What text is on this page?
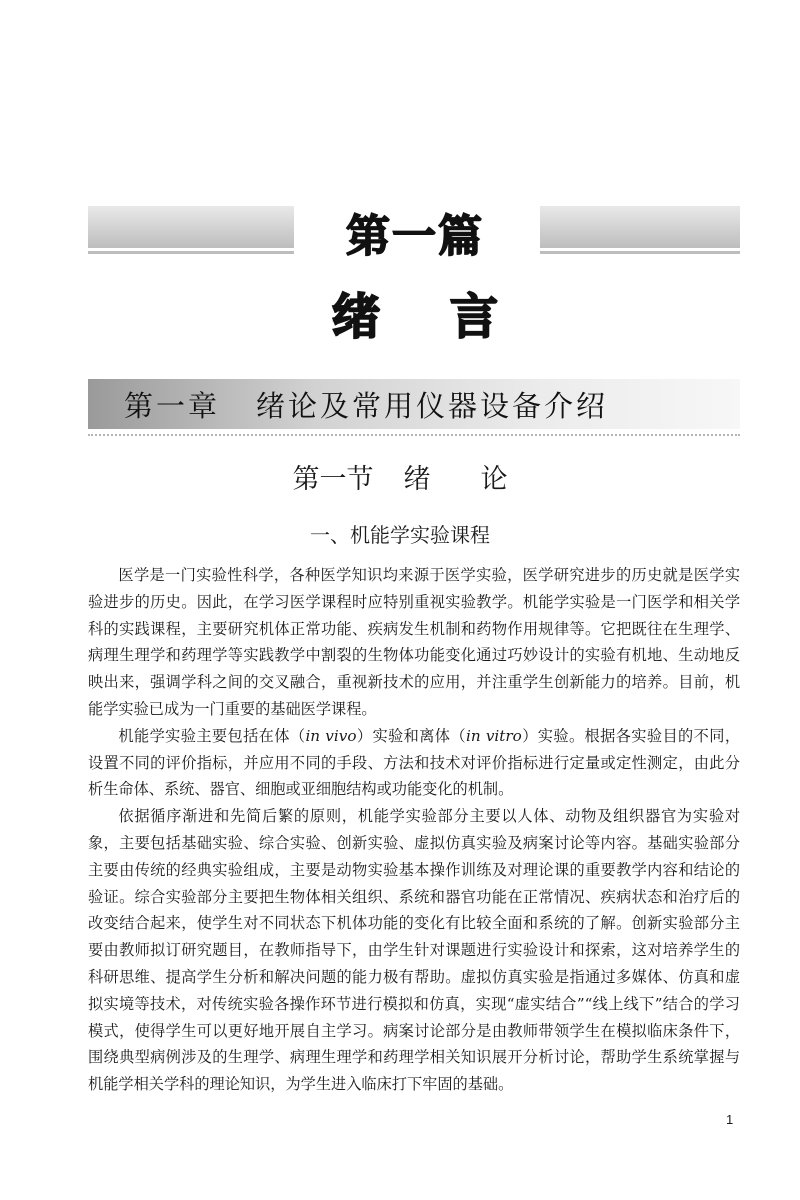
第一篇
绪 言
第一章 绪论及常用仪器设备介绍
第一节 绪 论
一、机能学实验课程

医学是一门实验性科学，各种医学知识均来源于医学实验，医学研究进步的历史就是医学实验进步的历史。因此，在学习医学课程时应特别重视实验教学。机能学实验是一门医学和相关学科的实践课程，主要研究机体正常功能、疾病发生机制和药物作用规律等。它把既往在生理学、病理生理学和药理学等实践教学中割裂的生物体功能变化通过巧妙设计的实验有机地、生动地反映出来，强调学科之间的交叉融合，重视新技术的应用，并注重学生创新能力的培养。目前，机能学实验已成为一门重要的基础医学课程。

机能学实验主要包括在体（in vivo）实验和离体（in vitro）实验。根据各实验目的不同，设置不同的评价指标，并应用不同的手段、方法和技术对评价指标进行定量或定性测定，由此分析生命体、系统、器官、细胞或亚细胞结构或功能变化的机制。

依据循序渐进和先简后繁的原则，机能学实验部分主要以人体、动物及组织器官为实验对象，主要包括基础实验、综合实验、创新实验、虚拟仿真实验及病案讨论等内容。基础实验部分主要由传统的经典实验组成，主要是动物实验基本操作训练及对理论课的重要教学内容和结论的验证。综合实验部分主要把生物体相关组织、系统和器官功能在正常情况、疾病状态和治疗后的改变结合起来，使学生对不同状态下机体功能的变化有比较全面和系统的了解。创新实验部分主要由教师拟订研究题目，在教师指导下，由学生针对课题进行实验设计和探索，这对培养学生的科研思维、提高学生分析和解决问题的能力极有帮助。虚拟仿真实验是指通过多媒体、仿真和虚拟实境等技术，对传统实验各操作环节进行模拟和仿真，实现“虚实结合”“线上线下”结合的学习模式，使得学生可以更好地开展自主学习。病案讨论部分是由教师带领学生在模拟临床条件下，围绕典型病例涉及的生理学、病理生理学和药理学相关知识展开分析讨论，帮助学生系统掌握与机能学相关学科的理论知识，为学生进入临床打下牢固的基础。

1
